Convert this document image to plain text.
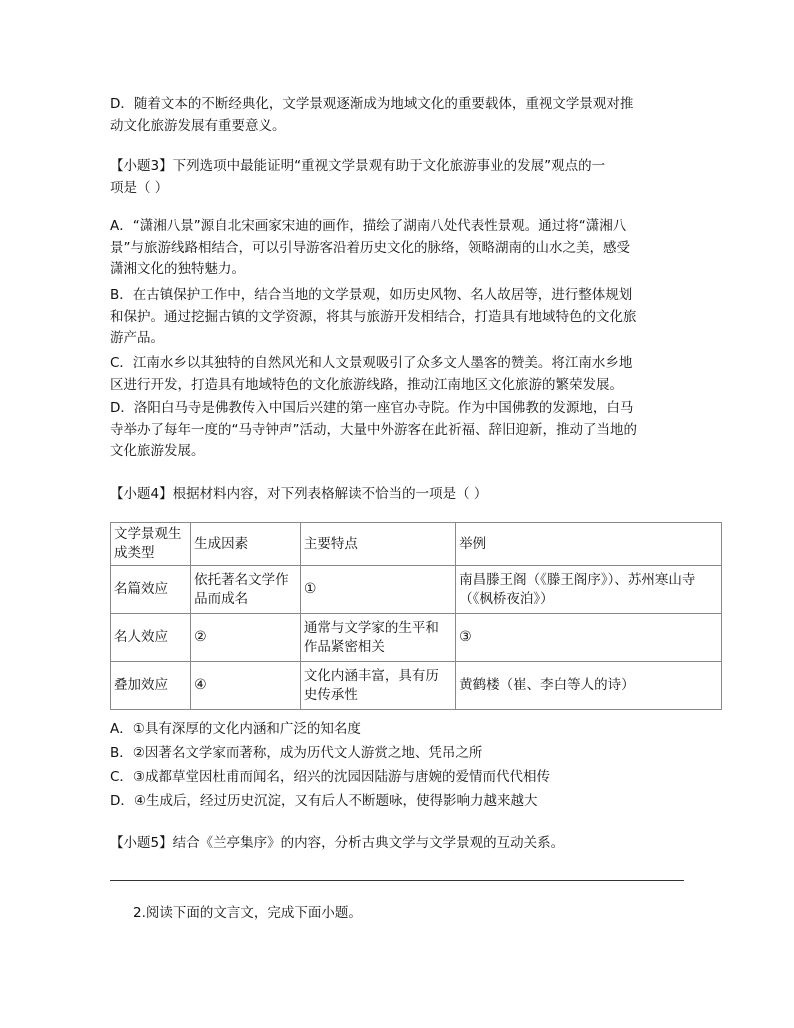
D．随着文本的不断经典化，文学景观逐渐成为地域文化的重要载体，重视文学景观对推
动文化旅游发展有重要意义。
【小题3】下列选项中最能证明“重视文学景观有助于文化旅游事业的发展”观点的一
项是（ ）
A．“潇湘八景”源自北宋画家宋迪的画作，描绘了湖南八处代表性景观。通过将“潇湘八
景”与旅游线路相结合，可以引导游客沿着历史文化的脉络，领略湖南的山水之美，感受
潇湘文化的独特魅力。
B．在古镇保护工作中，结合当地的文学景观，如历史风物、名人故居等，进行整体规划
和保护。通过挖掘古镇的文学资源，将其与旅游开发相结合，打造具有地域特色的文化旅
游产品。
C．江南水乡以其独特的自然风光和人文景观吸引了众多文人墨客的赞美。将江南水乡地
区进行开发，打造具有地域特色的文化旅游线路，推动江南地区文化旅游的繁荣发展。
D．洛阳白马寺是佛教传入中国后兴建的第一座官办寺院。作为中国佛教的发源地，白马
寺举办了每年一度的“马寺钟声”活动，大量中外游客在此祈福、辞旧迎新，推动了当地的
文化旅游发展。
【小题4】根据材料内容，对下列表格解读不恰当的一项是（ ）
文学景观生成类型	生成因素	主要特点	举例
名篇效应	依托著名文学作品而成名	①	南昌滕王阁（《滕王阁序》）、苏州寒山寺（《枫桥夜泊》）
名人效应	②	通常与文学家的生平和作品紧密相关	③
叠加效应	④	文化内涵丰富，具有历史传承性	黄鹤楼（崔、李白等人的诗）
A．①具有深厚的文化内涵和广泛的知名度
B．②因著名文学家而著称，成为历代文人游赏之地、凭吊之所
C．③成都草堂因杜甫而闻名，绍兴的沈园因陆游与唐婉的爱情而代代相传
D．④生成后，经过历史沉淀，又有后人不断题咏，使得影响力越来越大
【小题5】结合《兰亭集序》的内容，分析古典文学与文学景观的互动关系。
2.阅读下面的文言文，完成下面小题。
